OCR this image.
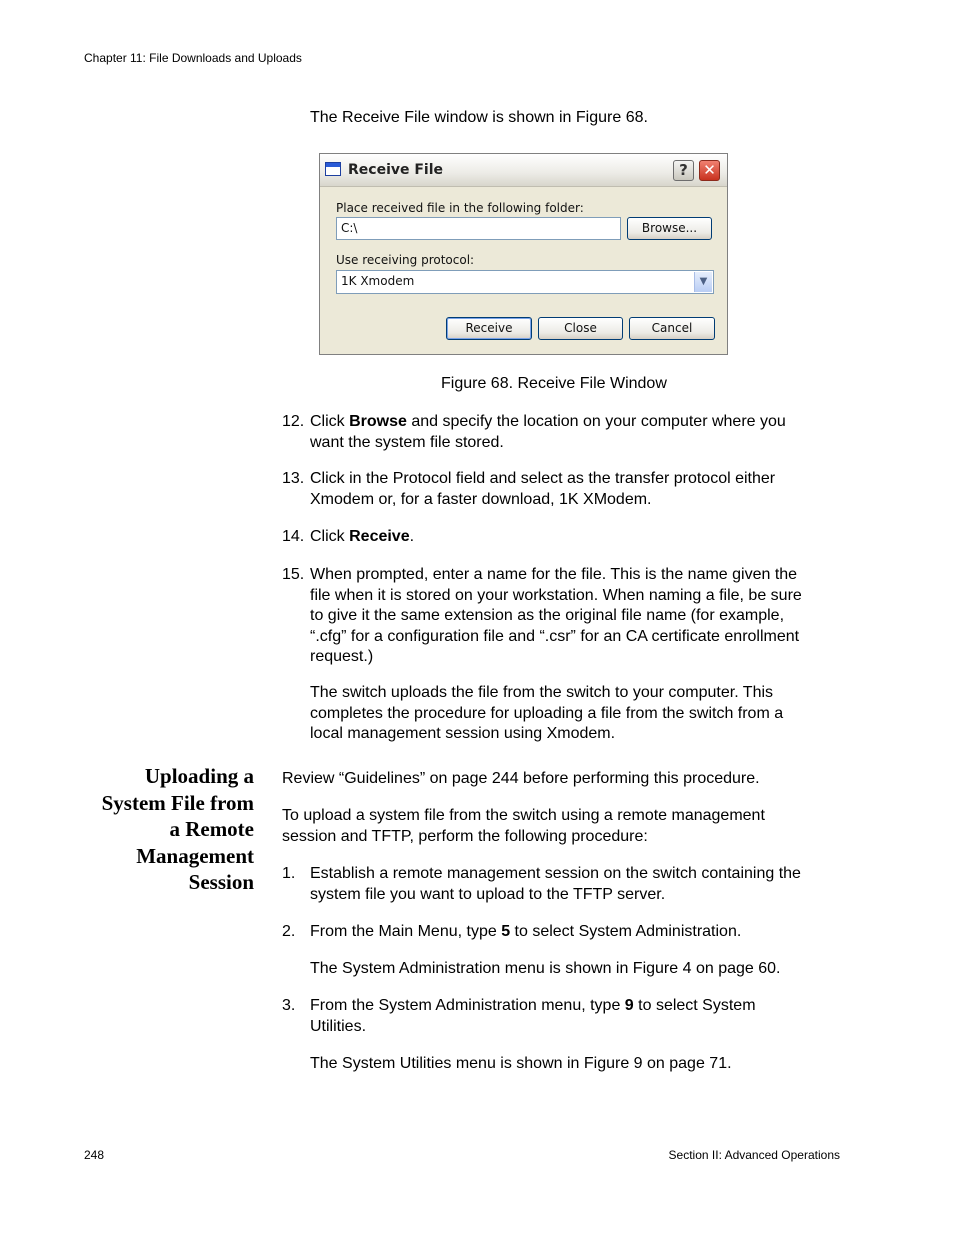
Chapter 11: File Downloads and Uploads
The Receive File window is shown in Figure 68.
Receive File	?	✕
Place received file in the following folder:
C:\	Browse...
Use receiving protocol:
1K Xmodem	▼
Receive	Close	Cancel
Figure 68. Receive File Window
12. Click Browse and specify the location on your computer where you
want the system file stored.
13. Click in the Protocol field and select as the transfer protocol either
Xmodem or, for a faster download, 1K XModem.
14. Click Receive.
15. When prompted, enter a name for the file. This is the name given the
file when it is stored on your workstation. When naming a file, be sure
to give it the same extension as the original file name (for example,
“.cfg” for a configuration file and “.csr” for an CA certificate enrollment
request.)
The switch uploads the file from the switch to your computer. This
completes the procedure for uploading a file from the switch from a
local management session using Xmodem.
Uploading a
System File from
a Remote
Management
Session
Review “Guidelines” on page 244 before performing this procedure.
To upload a system file from the switch using a remote management
session and TFTP, perform the following procedure:
1. Establish a remote management session on the switch containing the
system file you want to upload to the TFTP server.
2. From the Main Menu, type 5 to select System Administration.
The System Administration menu is shown in Figure 4 on page 60.
3. From the System Administration menu, type 9 to select System
Utilities.
The System Utilities menu is shown in Figure 9 on page 71.
248	Section II: Advanced Operations
